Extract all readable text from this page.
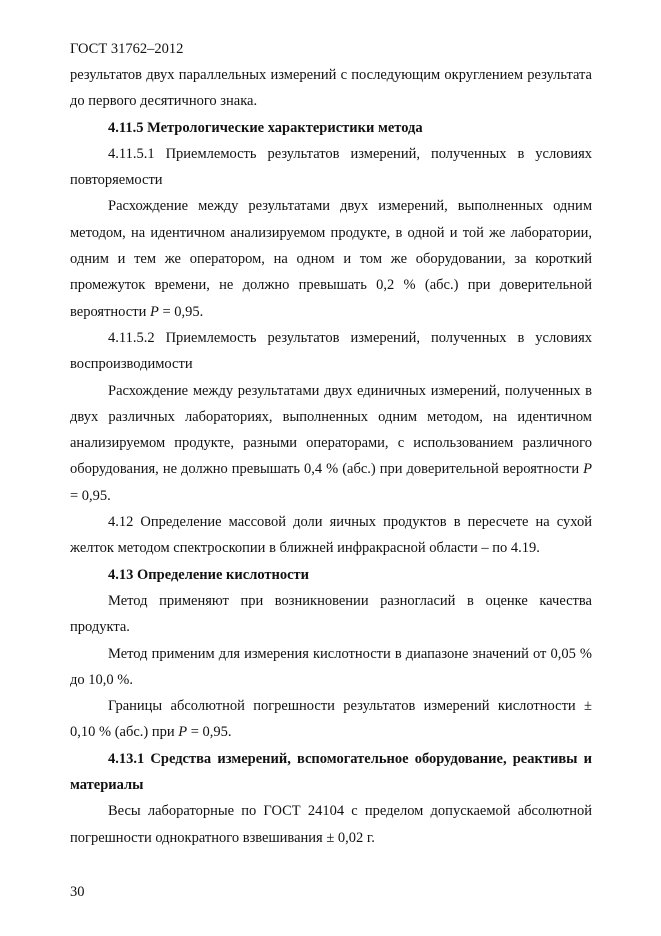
ГОСТ 31762–2012

результатов двух параллельных измерений с последующим округлением результата до первого десятичного знака.

4.11.5 Метрологические характеристики метода

4.11.5.1 Приемлемость результатов измерений, полученных в условиях повторяемости

Расхождение между результатами двух измерений, выполненных одним методом, на идентичном анализируемом продукте, в одной и той же лаборатории, одним и тем же оператором, на одном и том же оборудовании, за короткий промежуток времени, не должно превышать 0,2 % (абс.) при доверительной вероятности P = 0,95.

4.11.5.2 Приемлемость результатов измерений, полученных в условиях воспроизводимости

Расхождение между результатами двух единичных измерений, полученных в двух различных лабораториях, выполненных одним методом, на идентичном анализируемом продукте, разными операторами, с использованием различного оборудования, не должно превышать 0,4 % (абс.) при доверительной вероятности P = 0,95.

4.12 Определение массовой доли яичных продуктов в пересчете на сухой желток методом спектроскопии в ближней инфракрасной области – по 4.19.

4.13 Определение кислотности

Метод применяют при возникновении разногласий в оценке качества продукта.

Метод применим для измерения кислотности в диапазоне значений от 0,05 % до 10,0 %.

Границы абсолютной погрешности результатов измерений кислотности ± 0,10 % (абс.) при P = 0,95.

4.13.1 Средства измерений, вспомогательное оборудование, реактивы и материалы

Весы лабораторные по ГОСТ 24104 с пределом допускаемой абсолютной погрешности однократного взвешивания ± 0,02 г.

30
